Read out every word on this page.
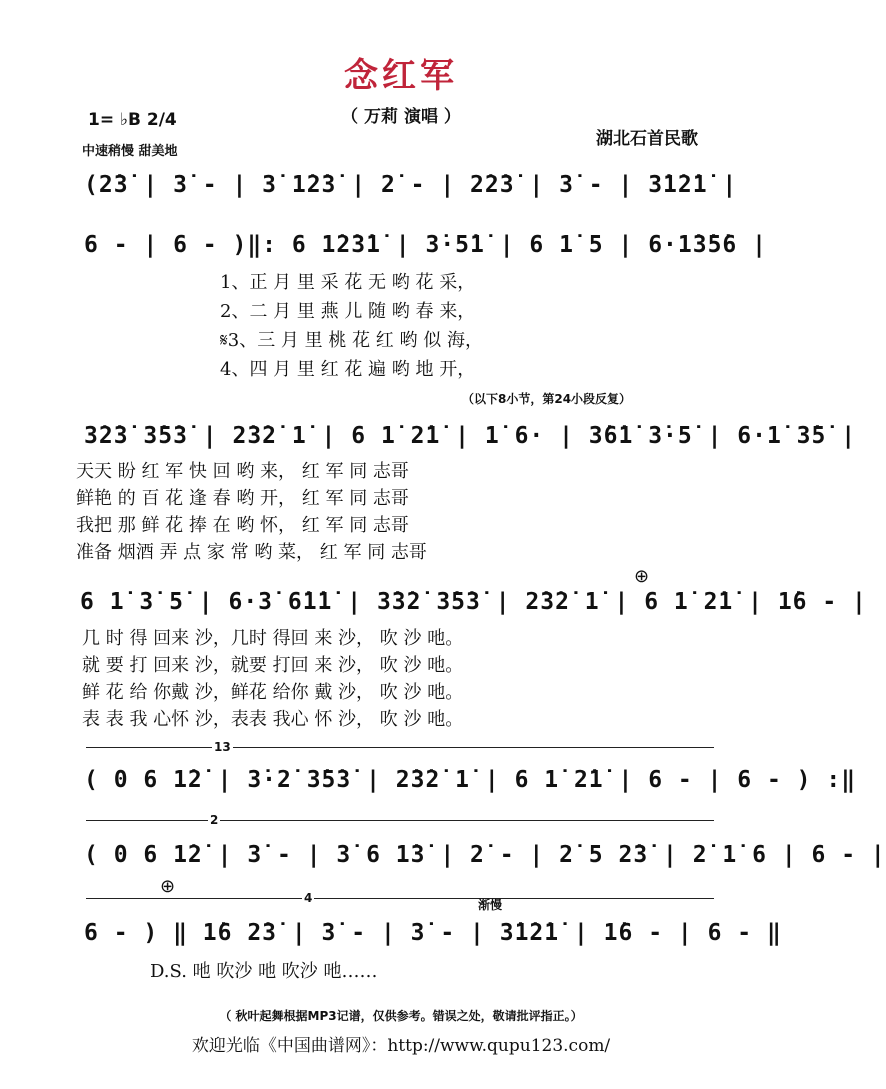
念红军
（ 万莉 演唱 ）
1= ♭B 2/4
中速稍慢 甜美地
湖北石首民歌
(2̇3̇ | 3̇ - | 3̇ 1̇2̇3̇ | 2̇ - | 2̇2̇3̇ | 3̇ - | 3̇1̇2̇1̇ |
6 - | 6 - )‖: 6 1̇2̇3̇1̇ | 3̇·5̇1̇ | 6 1̇ 5 | 6·1̇3̇5̇6 |
1、正 月 里 采 花 无 哟 花 采，
2、二 月 里 燕 儿 随 哟 春 来，
𝄋3、三 月 里 桃 花 红 哟 似 海，
4、四 月 里 红 花 遍 哟 地 开，
（以下8小节，第24小段反复）
3̇2̇3̇ 3̇5̇3̇ | 2̇3̇2̇ 1̇ | 6 1̇ 2̇1̇ | 1̇ 6· | 3̇6̇1̇ 3̇·5̇ | 6·1̇ 3̇5̇ |
天天 盼 红 军 快 回 哟 来， 红 军 同 志哥
鲜艳 的 百 花 逢 春 哟 开， 红 军 同 志哥
我把 那 鲜 花 捧 在 哟 怀， 红 军 同 志哥
准备 烟酒 弄 点 家 常 哟 菜， 红 军 同 志哥
⊕
6 1̇ 3̇ 5̇ | 6·3̇ 6̇1̇1̇ | 3̇3̇2̇ 3̇5̇3̇ | 2̇3̇2̇ 1̇ | 6 1̇ 2̇1̇ | 1̇6 - |
几 时 得 回来 沙，几时 得回 来 沙， 吹 沙 吔。
就 要 打 回来 沙，就要 打回 来 沙， 吹 沙 吔。
鲜 花 给 你戴 沙，鲜花 给你 戴 沙， 吹 沙 吔。
表 表 我 心怀 沙，表表 我心 怀 沙， 吹 沙 吔。
13
( 0 6 1̇2̇ | 3̇·2̇ 3̇5̇3̇ | 2̇3̇2̇ 1̇ | 6 1̇ 2̇1̇ | 6 - | 6 - ) :‖
2
( 0 6 1̇2̇ | 3̇ - | 3̇ 6 1̇3̇ | 2̇ - | 2̇ 5 2̇3̇ | 2̇ 1̇ 6 | 6 - |
⊕
4	渐慢
6 - ) ‖ 1̇6 2̇3̇ | 3̇ - | 3̇ - | 3̇1̇2̇1̇ | 1̇6 - | 6 - ‖
D.S. 吔 吹沙 吔 吹沙 吔……
（ 秋叶起舞根据MP3记谱，仅供参考。错误之处，敬请批评指正。）
欢迎光临《中国曲谱网》：http://www.qupu123.com/
